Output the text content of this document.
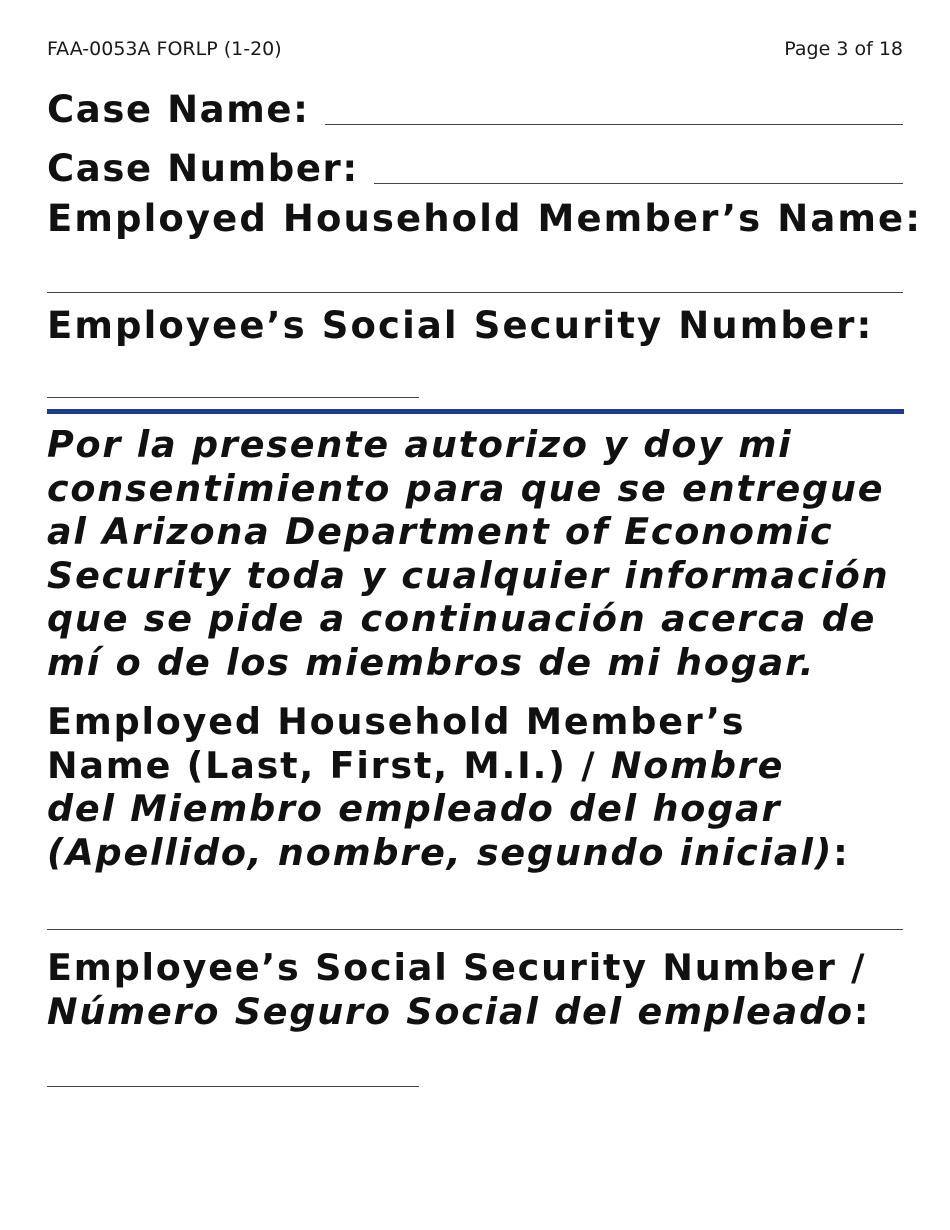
FAA-0053A FORLP (1-20)	Page 3 of 18
Case Name:
Case Number:
Employed Household Member’s Name:
Employee’s Social Security Number:
Por la presente autorizo y doy mi
consentimiento para que se entregue
al Arizona Department of Economic
Security toda y cualquier información
que se pide a continuación acerca de
mí o de los miembros de mi hogar.
Employed Household Member’s
Name (Last, First, M.I.) / Nombre
del Miembro empleado del hogar
(Apellido, nombre, segundo inicial):
Employee’s Social Security Number /
Número Seguro Social del empleado:
